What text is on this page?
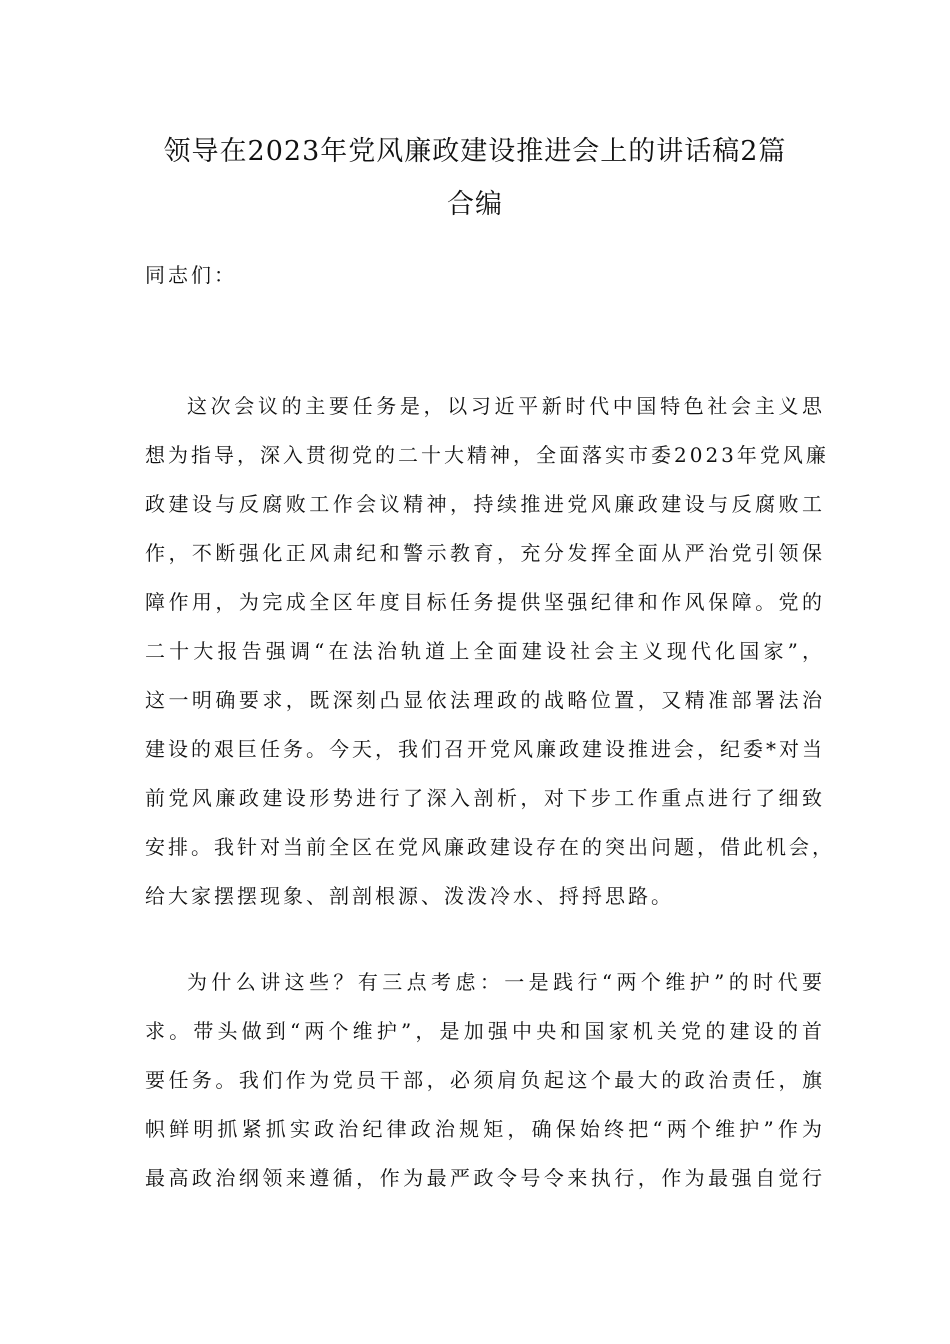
领导在2023年党风廉政建设推进会上的讲话稿2篇
合编
同志们：
这次会议的主要任务是，以习近平新时代中国特色社会主义思
想为指导，深入贯彻党的二十大精神，全面落实市委2023年党风廉
政建设与反腐败工作会议精神，持续推进党风廉政建设与反腐败工
作，不断强化正风肃纪和警示教育，充分发挥全面从严治党引领保
障作用，为完成全区年度目标任务提供坚强纪律和作风保障。党的
二十大报告强调“在法治轨道上全面建设社会主义现代化国家”，
这一明确要求，既深刻凸显依法理政的战略位置，又精准部署法治
建设的艰巨任务。今天，我们召开党风廉政建设推进会，纪委*对当
前党风廉政建设形势进行了深入剖析，对下步工作重点进行了细致
安排。我针对当前全区在党风廉政建设存在的突出问题，借此机会，
给大家摆摆现象、剖剖根源、泼泼冷水、捋捋思路。
为什么讲这些？有三点考虑：一是践行“两个维护”的时代要
求。带头做到“两个维护”，是加强中央和国家机关党的建设的首
要任务。我们作为党员干部，必须肩负起这个最大的政治责任，旗
帜鲜明抓紧抓实政治纪律政治规矩，确保始终把“两个维护”作为
最高政治纲领来遵循，作为最严政令号令来执行，作为最强自觉行
